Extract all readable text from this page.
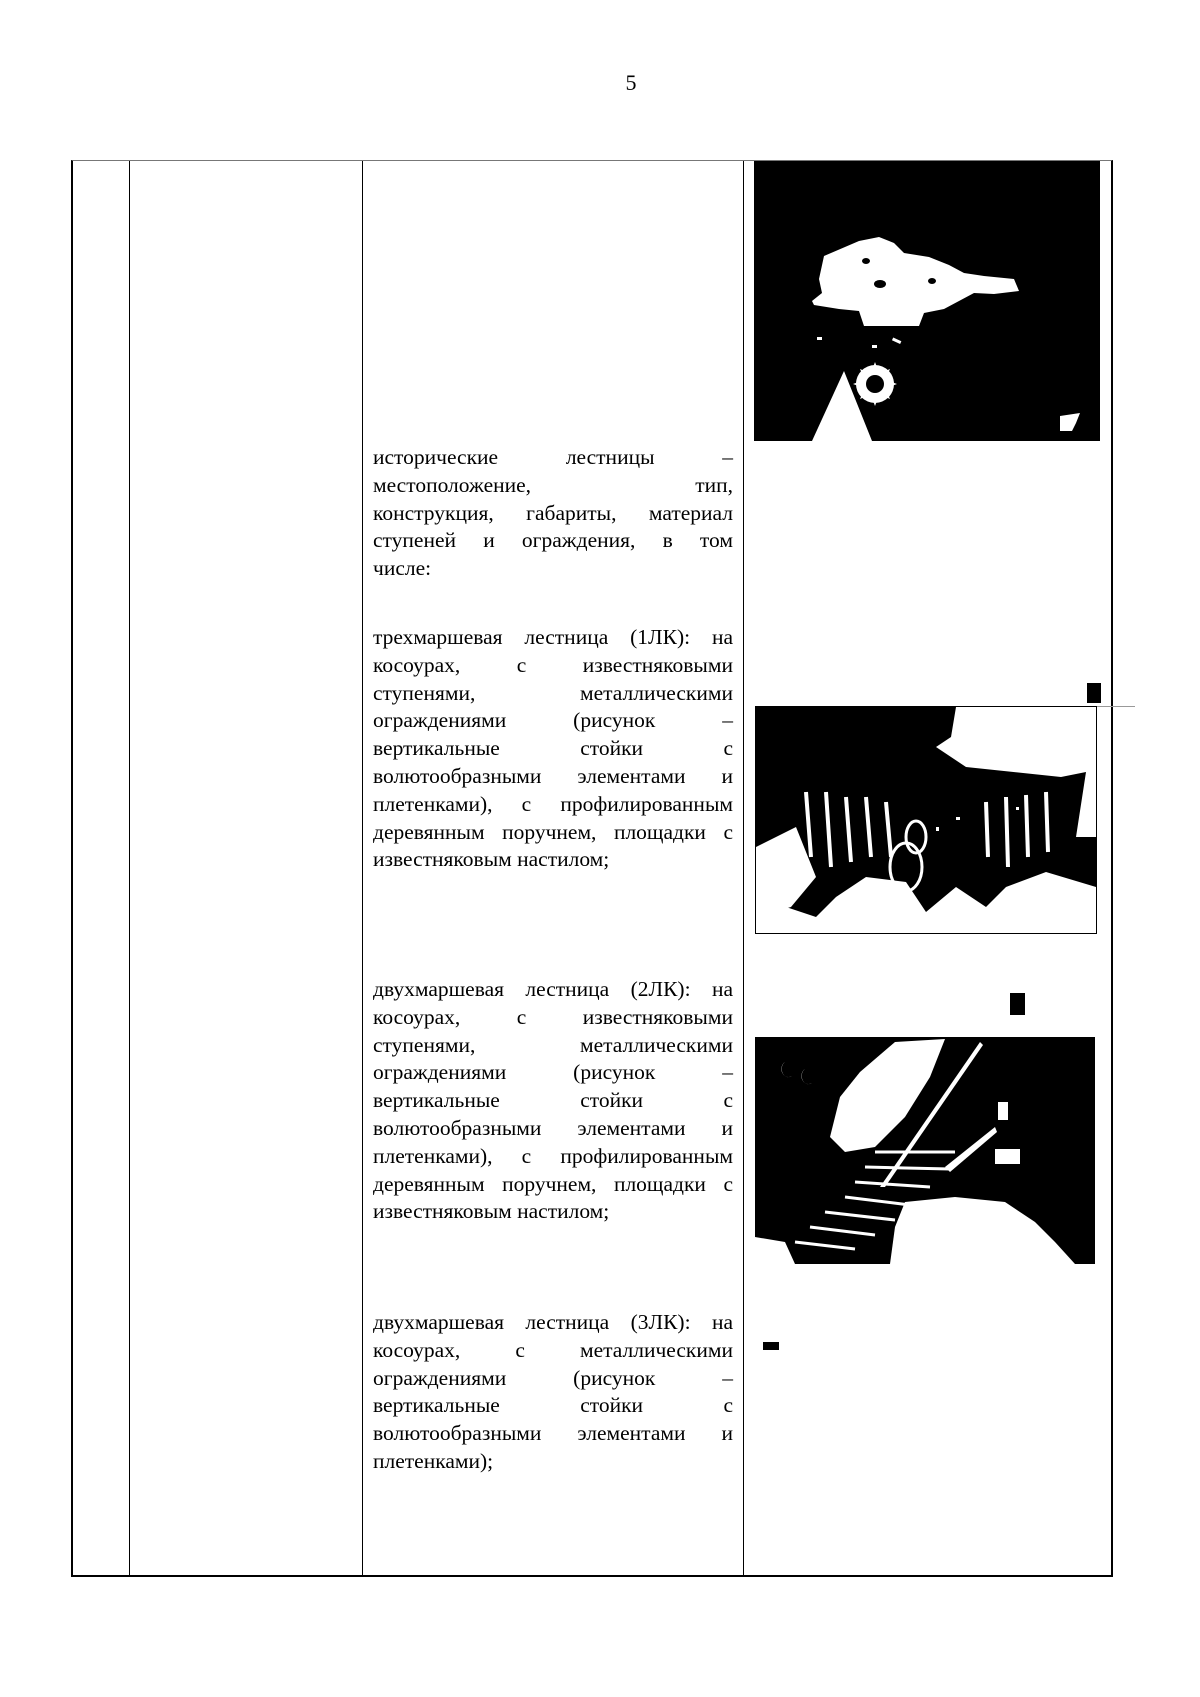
5
исторические лестницы –
местоположение, тип,
конструкция, габариты, материал
ступеней и ограждения, в том
числе:
трехмаршевая лестница (1ЛК): на
косоурах, с известняковыми
ступенями, металлическими
ограждениями (рисунок –
вертикальные стойки с
волютообразными элементами и
плетенками), с профилированным
деревянным поручнем, площадки с
известняковым настилом;
двухмаршевая лестница (2ЛК): на
косоурах, с известняковыми
ступенями, металлическими
ограждениями (рисунок –
вертикальные стойки с
волютообразными элементами и
плетенками), с профилированным
деревянным поручнем, площадки с
известняковым настилом;
двухмаршевая лестница (3ЛК): на
косоурах, с металлическими
ограждениями (рисунок –
вертикальные стойки с
волютообразными элементами и
плетенками);
